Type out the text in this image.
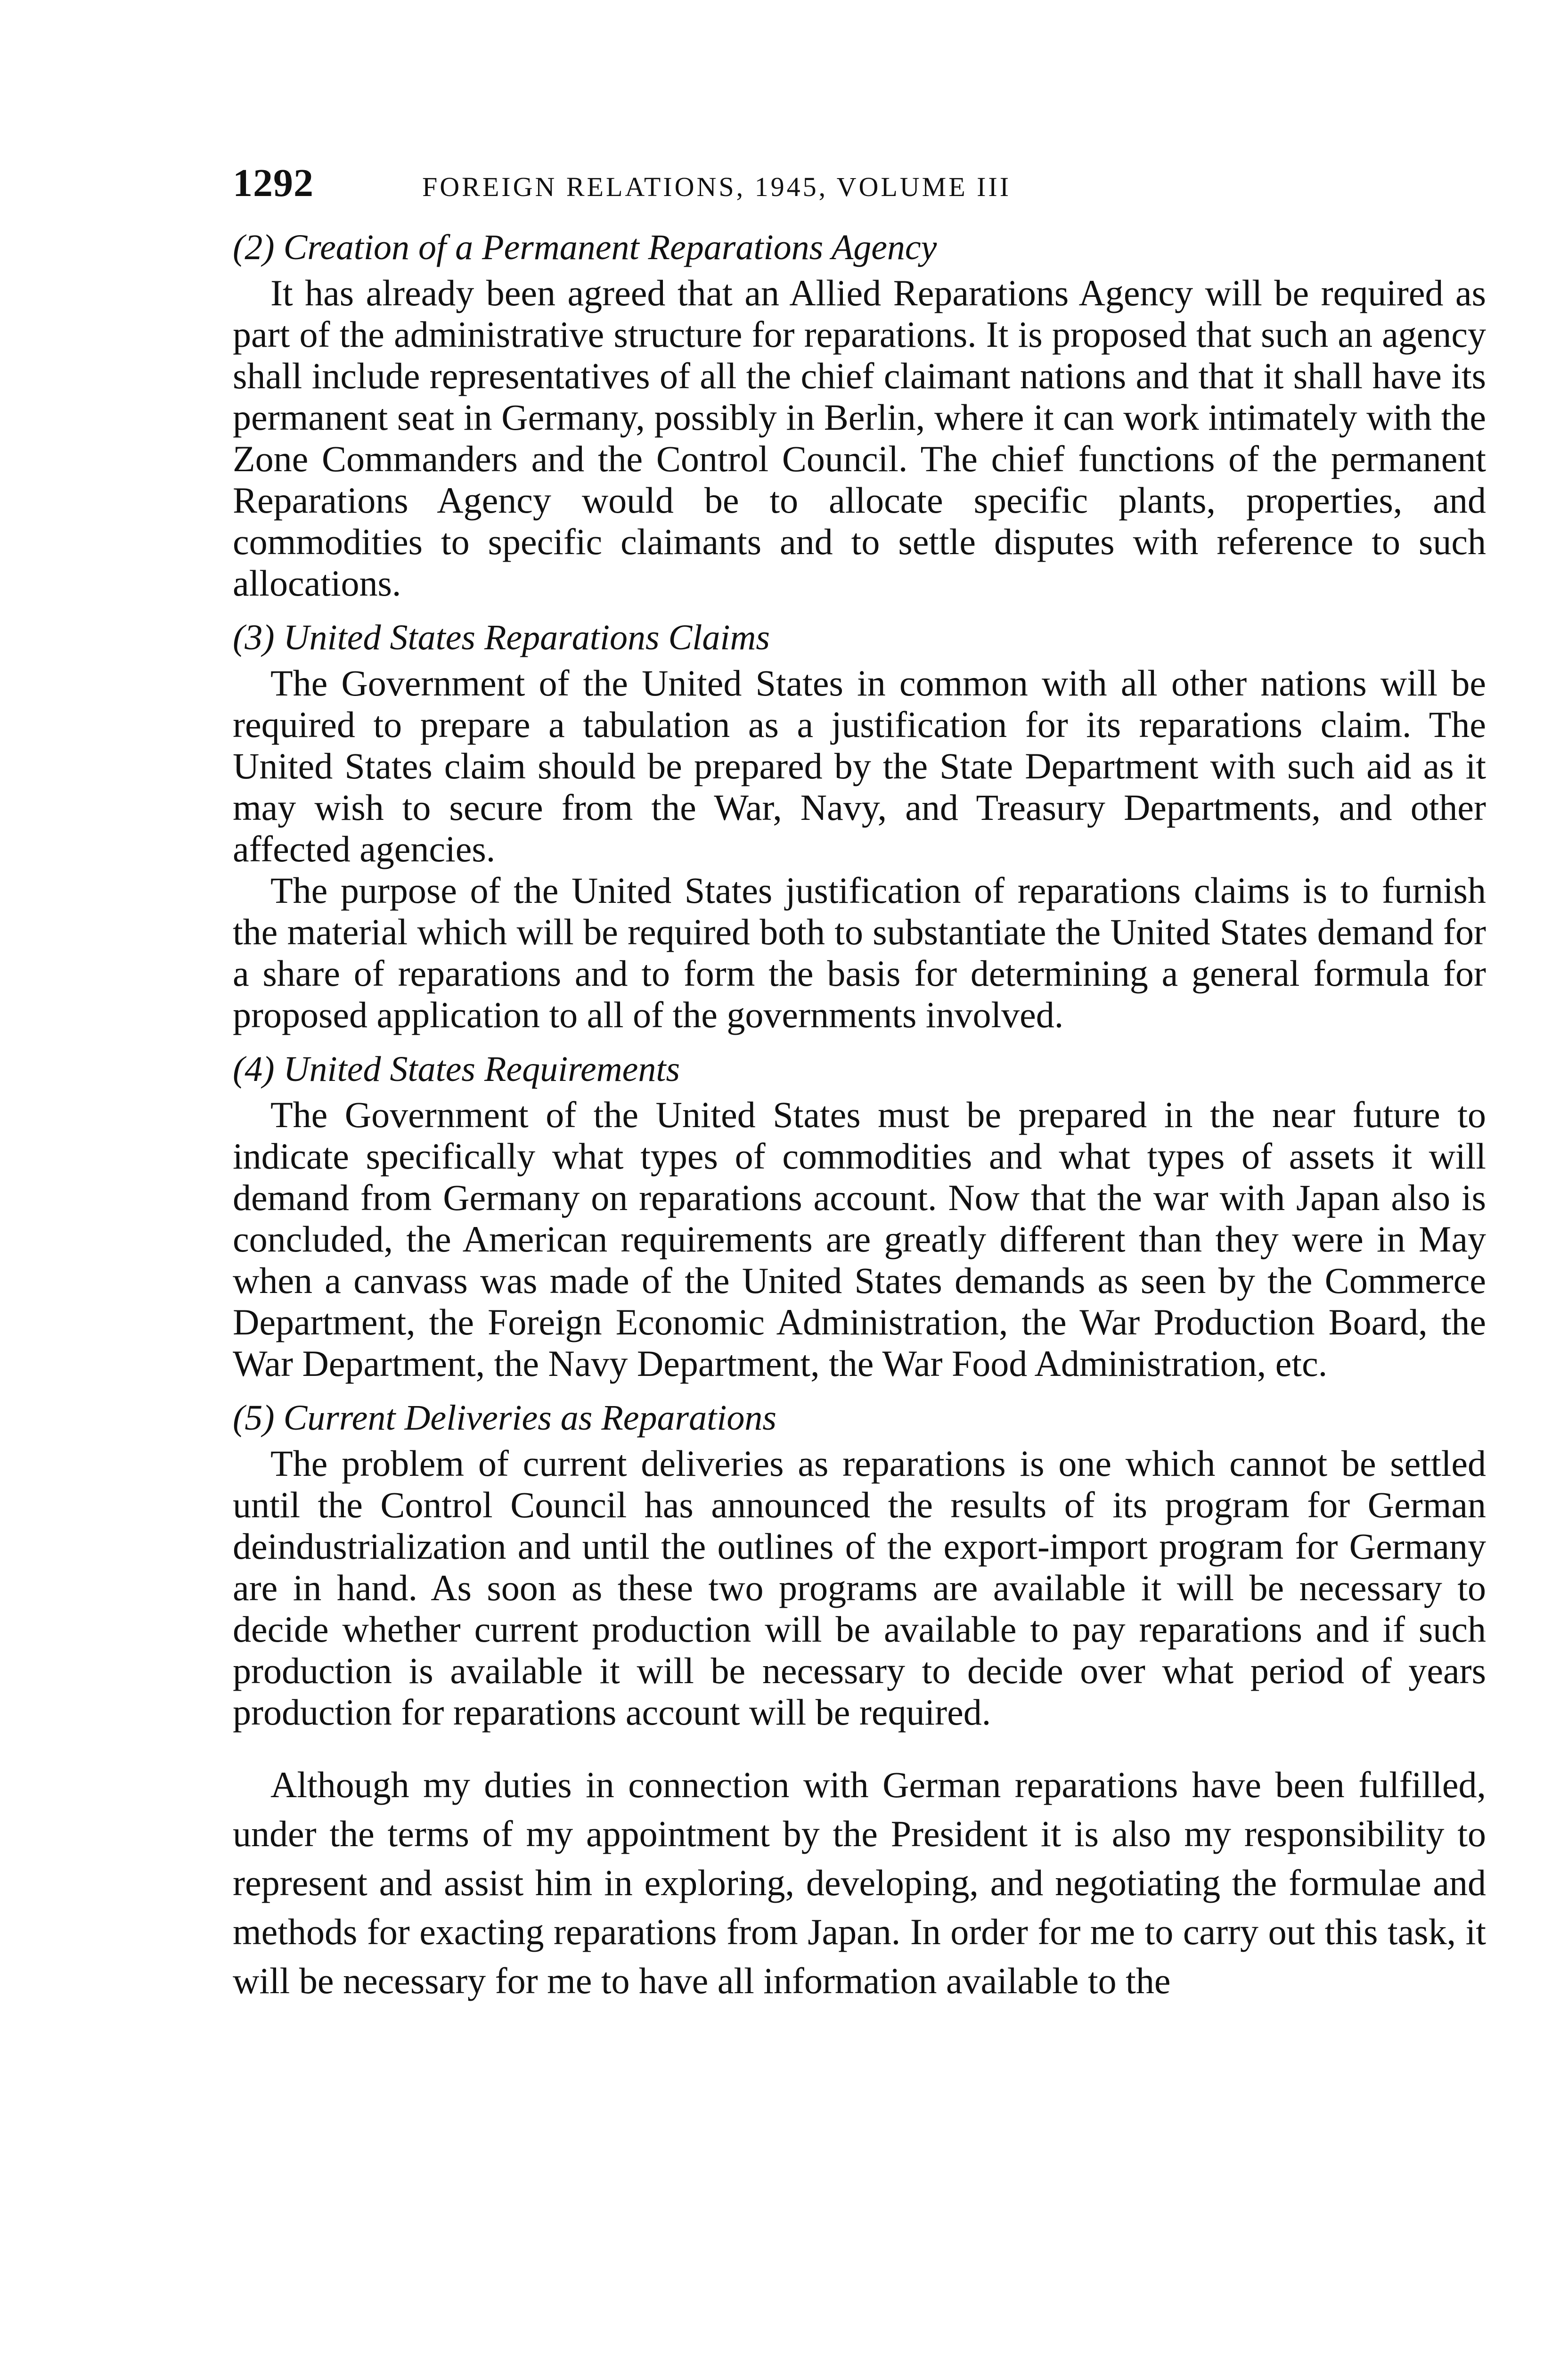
1292	FOREIGN RELATIONS, 1945, VOLUME III
(2) Creation of a Permanent Reparations Agency

It has already been agreed that an Allied Reparations Agency will be required as part of the administrative structure for reparations. It is proposed that such an agency shall include representatives of all the chief claimant nations and that it shall have its permanent seat in Germany, possibly in Berlin, where it can work intimately with the Zone Commanders and the Control Council. The chief functions of the permanent Reparations Agency would be to allocate specific plants, properties, and commodities to specific claimants and to settle disputes with reference to such allocations.

(3) United States Reparations Claims

The Government of the United States in common with all other nations will be required to prepare a tabulation as a justification for its reparations claim. The United States claim should be prepared by the State Department with such aid as it may wish to secure from the War, Navy, and Treasury Departments, and other affected agencies.

The purpose of the United States justification of reparations claims is to furnish the material which will be required both to substantiate the United States demand for a share of reparations and to form the basis for determining a general formula for proposed application to all of the governments involved.

(4) United States Requirements

The Government of the United States must be prepared in the near future to indicate specifically what types of commodities and what types of assets it will demand from Germany on reparations account. Now that the war with Japan also is concluded, the American requirements are greatly different than they were in May when a canvass was made of the United States demands as seen by the Commerce Department, the Foreign Economic Administration, the War Production Board, the War Department, the Navy Department, the War Food Administration, etc.

(5) Current Deliveries as Reparations

The problem of current deliveries as reparations is one which cannot be settled until the Control Council has announced the results of its program for German deindustrialization and until the outlines of the export-import program for Germany are in hand. As soon as these two programs are available it will be necessary to decide whether current production will be available to pay reparations and if such production is available it will be necessary to decide over what period of years production for reparations account will be required.

Although my duties in connection with German reparations have been fulfilled, under the terms of my appointment by the President it is also my responsibility to represent and assist him in exploring, developing, and negotiating the formulae and methods for exacting reparations from Japan. In order for me to carry out this task, it will be necessary for me to have all information available to the
